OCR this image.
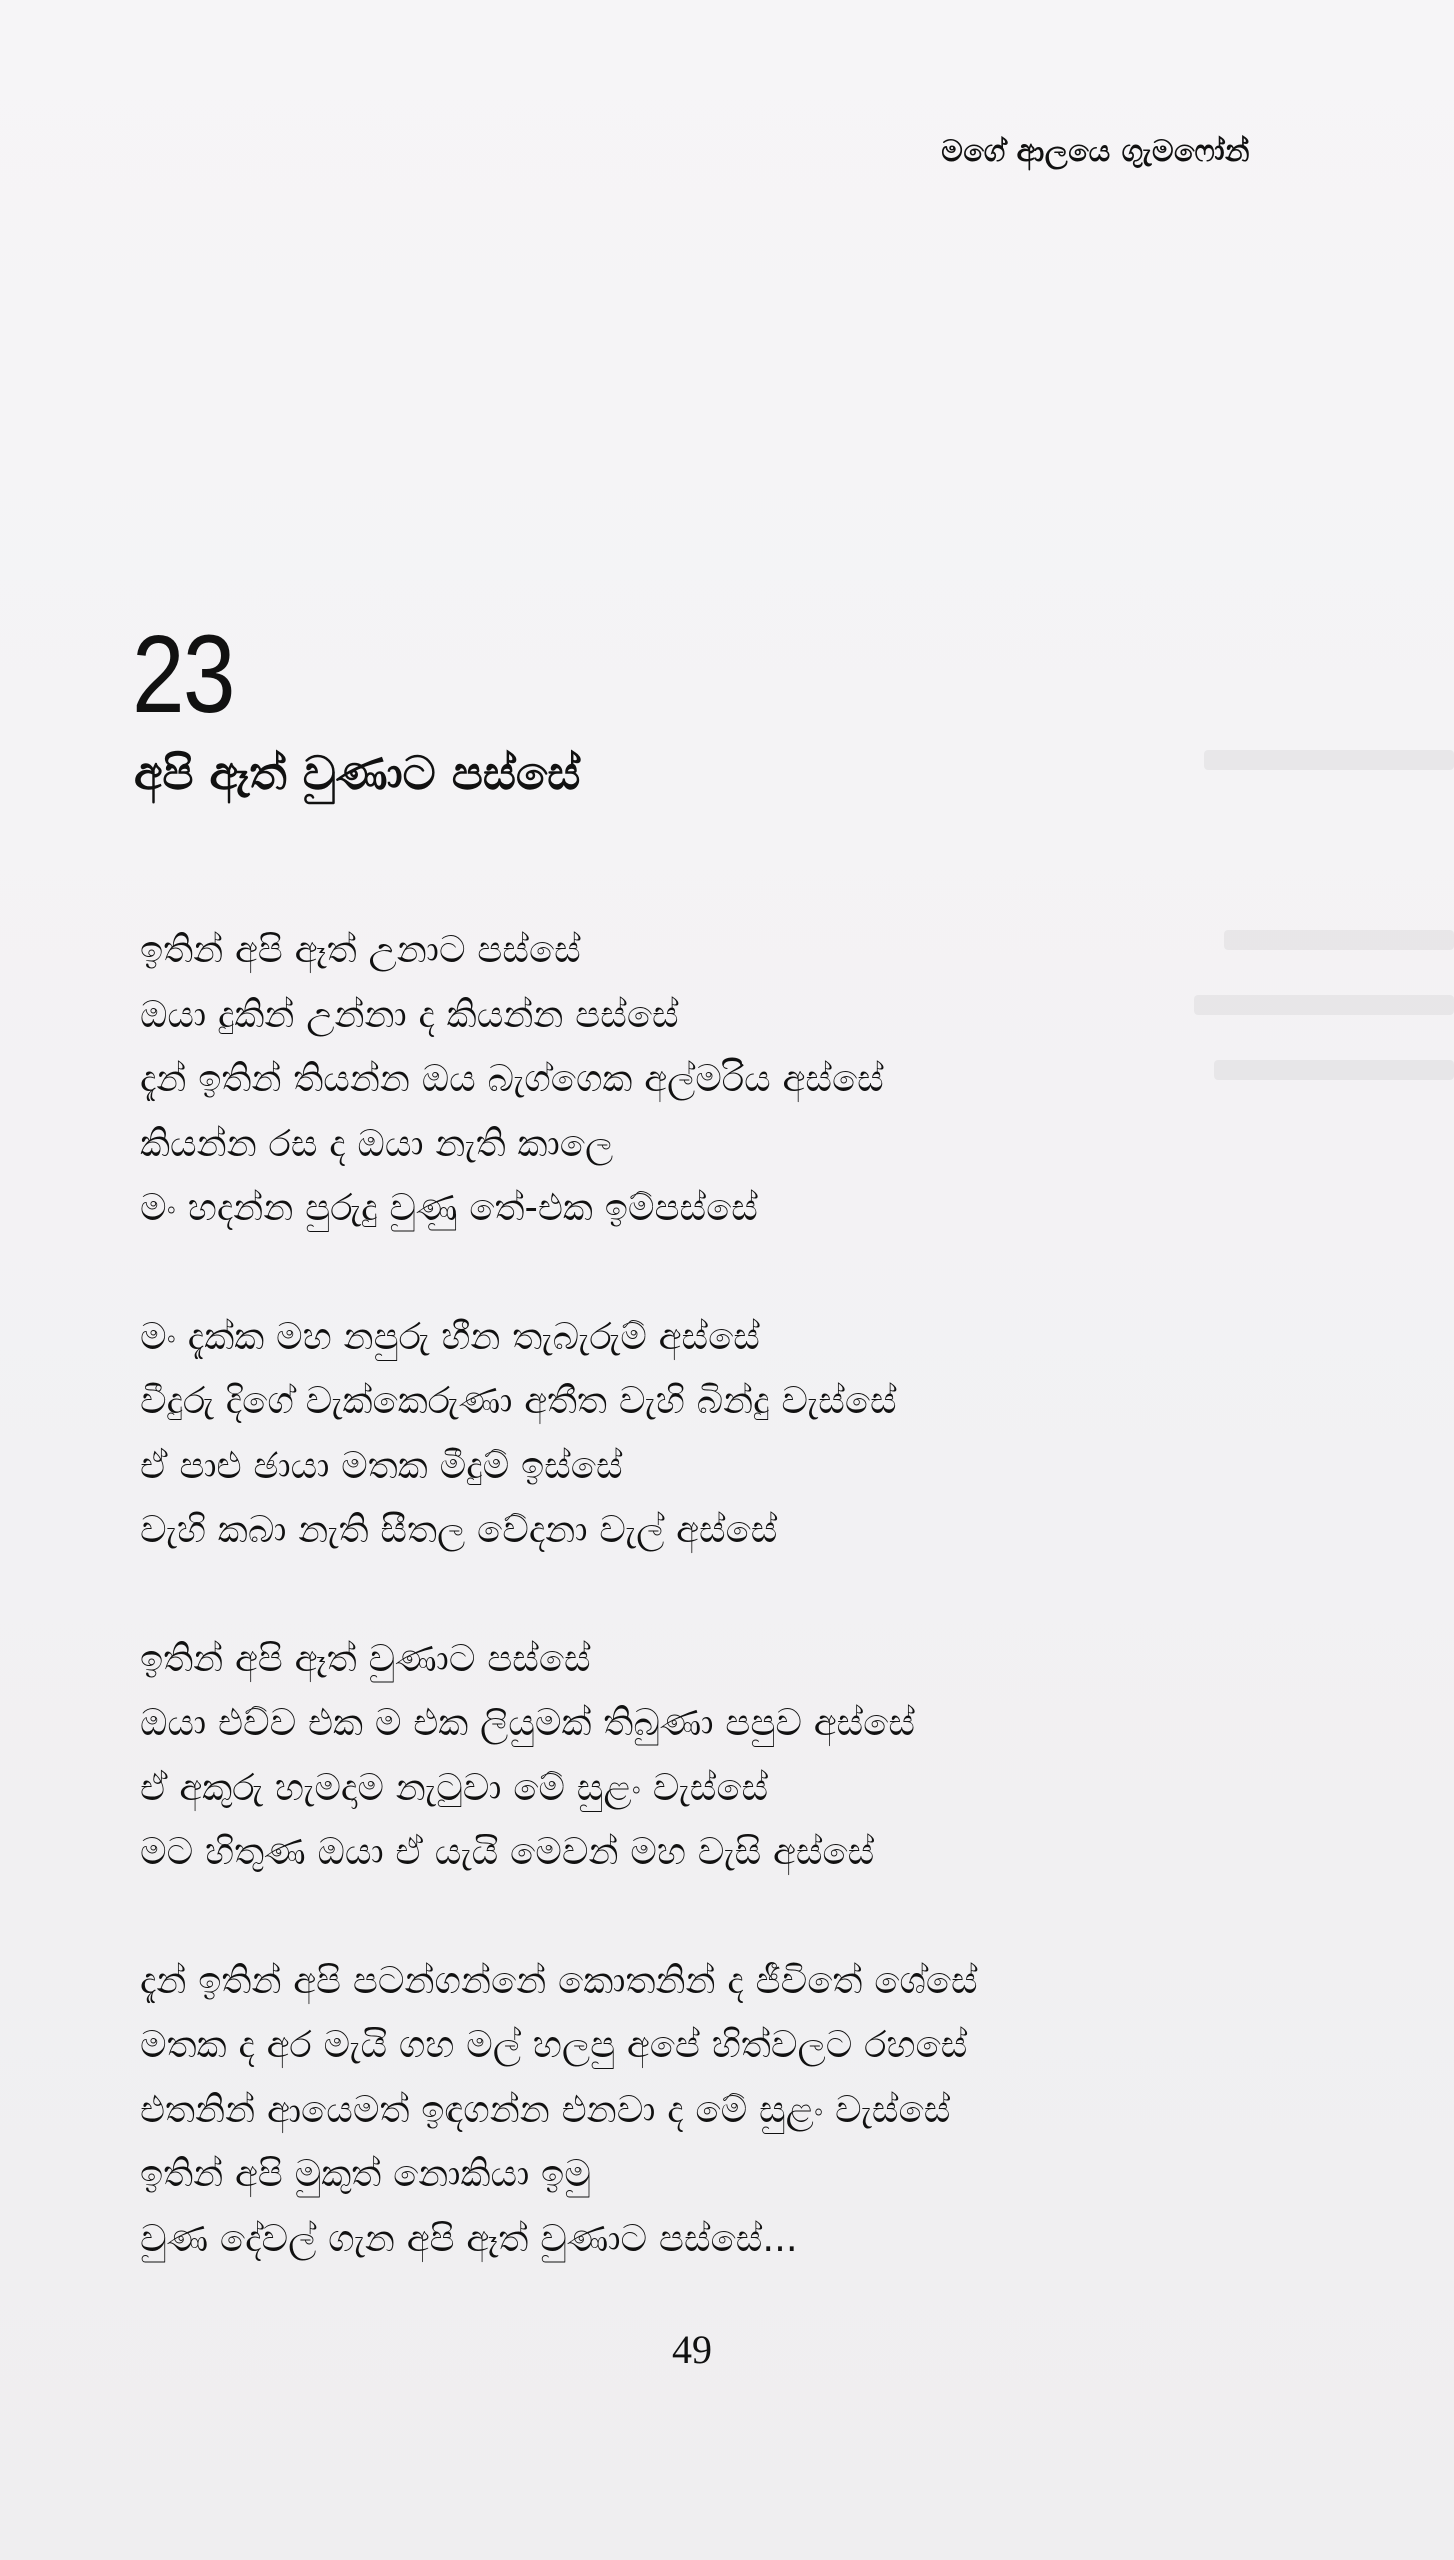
මගේ ආලයෙ ගුැමෆෝන්
23
අපි ඈත් වුණාට පස්සේ
ඉතින් අපි ඈත් උනාට පස්සේ
ඔයා දුකින් උන්නා ද කියන්න පස්සේ
දැන් ඉතින් තියන්න ඔය බැග්ගෙක අල්මරිය අස්සේ
කියන්න රස ද ඔයා නැති කාලෙ
මං හදන්න පුරුදු වුණු තේ-එක ඉම්පස්සේ
මං දැක්ක මහ නපුරු හීන තැබැරුම් අස්සේ
වීදුරු දිගේ වැක්කෙරුණා අතීත වැහි බින්දු වැස්සේ
ඒ පාළු ඡායා මතක මීදුම් ඉස්සේ
වැහි කබා නැති සීතල වේදනා වැල් අස්සේ
ඉතින් අපි ඈත් වුණාට පස්සේ
ඔයා එව්ව එක ම එක ලියුමක් තිබුණා පපුව අස්සේ
ඒ අකුරු හැමදාම නැටුවා මේ සුළං වැස්සේ
මට හිතුණ ඔයා ඒ යැයි මෙවන් මහ වැසි අස්සේ
දැන් ඉතින් අපි පටන්ගන්නේ කොතනින් ද ජීවිතේ ශේසේ
මතක ද අර මැයි ගහ මල් හලපු අපේ හිත්වලට රහසේ
එතනින් ආයෙමත් ඉඳගන්න එනවා ද මේ සුළං වැස්සේ
ඉතින් අපි මුකුත් නොකියා ඉමු
වුණ දේවල් ගැන අපි ඈත් වුණාට පස්සේ...
49
